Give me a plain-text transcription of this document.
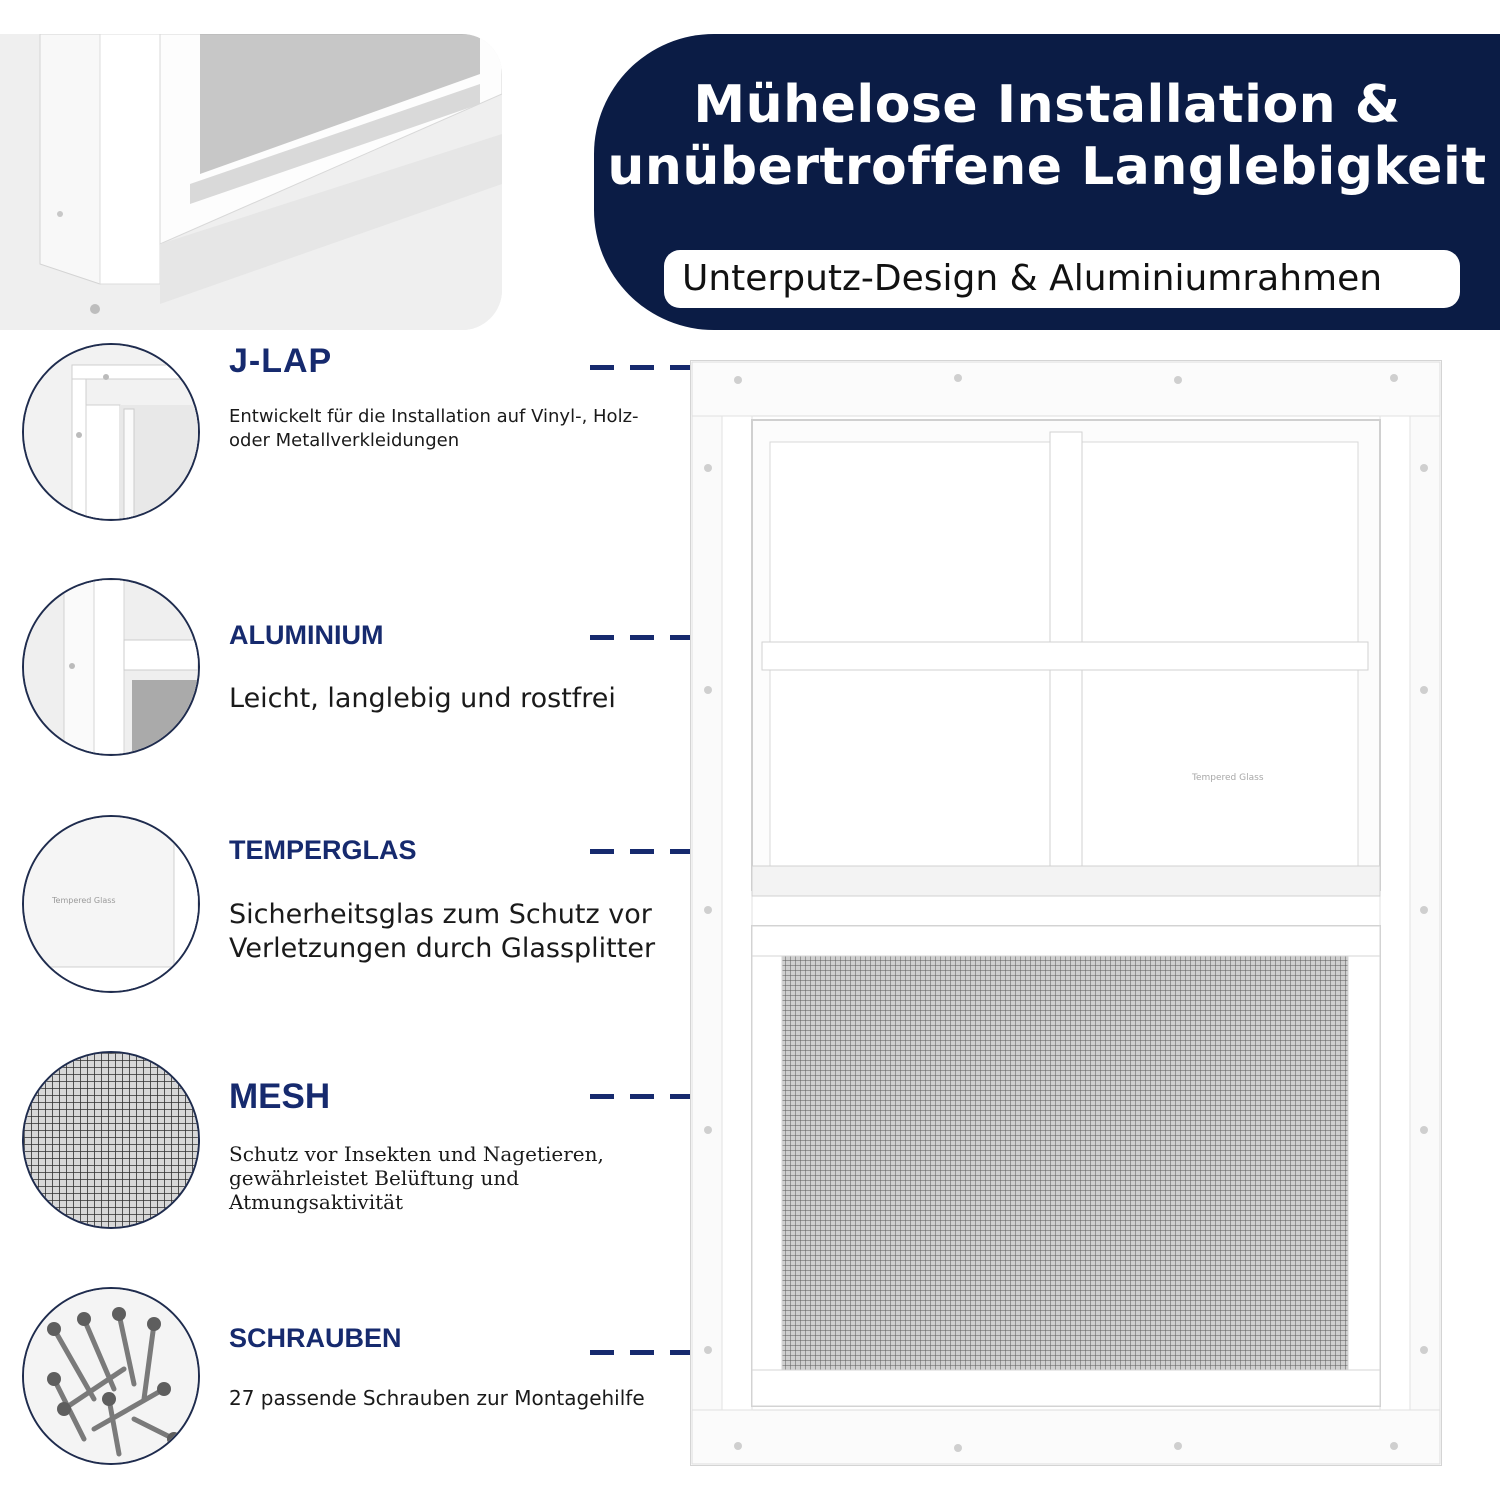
Mühelose Installation &
unübertroffene Langlebigkeit
Unterputz-Design & Aluminiumrahmen
J-LAP
Entwickelt für die Installation auf Vinyl-, Holz-
oder Metallverkleidungen
ALUMINIUM
Leicht, langlebig und rostfrei
Tempered Glass
TEMPERGLAS
Sicherheitsglas zum Schutz vor
Verletzungen durch Glassplitter
MESH
Schutz vor Insekten und Nagetieren,
gewährleistet Belüftung und
Atmungsaktivität
SCHRAUBEN
27 passende Schrauben zur Montagehilfe
Tempered Glass
